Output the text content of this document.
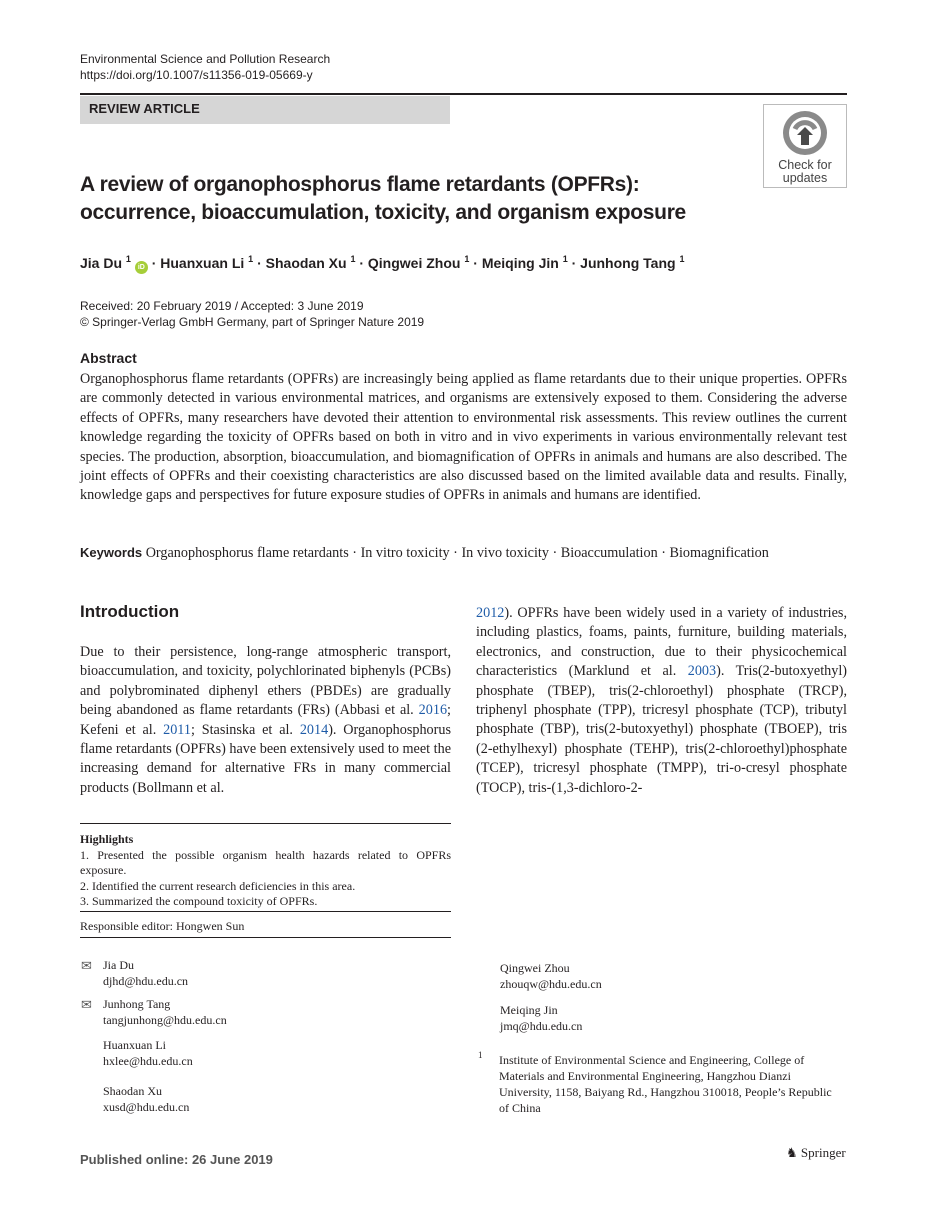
Environmental Science and Pollution Research
https://doi.org/10.1007/s11356-019-05669-y
REVIEW ARTICLE
Check for
updates
A review of organophosphorus flame retardants (OPFRs): occurrence, bioaccumulation, toxicity, and organism exposure
Jia Du $^1$ iD · Huanxuan Li $^1$ · Shaodan Xu $^1$ · Qingwei Zhou $^1$ · Meiqing Jin $^1$ · Junhong Tang $^1$
Received: 20 February 2019 / Accepted: 3 June 2019
© Springer-Verlag GmbH Germany, part of Springer Nature 2019
Abstract
Organophosphorus flame retardants (OPFRs) are increasingly being applied as flame retardants due to their unique properties. OPFRs are commonly detected in various environmental matrices, and organisms are extensively exposed to them. Considering the adverse effects of OPFRs, many researchers have devoted their attention to environmental risk assessments. This review outlines the current knowledge regarding the toxicity of OPFRs based on both in vitro and in vivo experiments in various environmentally relevant test species. The production, absorption, bioaccumulation, and biomagnification of OPFRs in animals and humans are also described. The joint effects of OPFRs and their coexisting characteristics are also discussed based on the limited available data and results. Finally, knowledge gaps and perspectives for future exposure studies of OPFRs in animals and humans are identified.
Keywords Organophosphorus flame retardants · In vitro toxicity · In vivo toxicity · Bioaccumulation · Biomagnification
Introduction
Due to their persistence, long-range atmospheric transport, bioaccumulation, and toxicity, polychlorinated biphenyls (PCBs) and polybrominated diphenyl ethers (PBDEs) are gradually being abandoned as flame retardants (FRs) (Abbasi et al. 2016; Kefeni et al. 2011; Stasinska et al. 2014). Organophosphorus flame retardants (OPFRs) have been extensively used to meet the increasing demand for alternative FRs in many commercial products (Bollmann et al.
2012). OPFRs have been widely used in a variety of industries, including plastics, foams, paints, furniture, building materials, electronics, and construction, due to their physicochemical characteristics (Marklund et al. 2003). Tris(2-butoxyethyl) phosphate (TBEP), tris(2-chloroethyl) phosphate (TRCP), triphenyl phosphate (TPP), tricresyl phosphate (TCP), tributyl phosphate (TBP), tris(2-butoxyethyl) phosphate (TBOEP), tris (2-ethylhexyl) phosphate (TEHP), tris(2-chloroethyl)phosphate (TCEP), tricresyl phosphate (TMPP), tri-o-cresyl phosphate (TOCP), tris-(1,3-dichloro-2-
Highlights
1. Presented the possible organism health hazards related to OPFRs exposure.
2. Identified the current research deficiencies in this area.
3. Summarized the compound toxicity of OPFRs.
Responsible editor: Hongwen Sun
✉ Jia Du
djhd@hdu.edu.cn
✉ Junhong Tang
tangjunhong@hdu.edu.cn
Huanxuan Li
hxlee@hdu.edu.cn
Shaodan Xu
xusd@hdu.edu.cn
Qingwei Zhou
zhouqw@hdu.edu.cn
Meiqing Jin
jmq@hdu.edu.cn
1 Institute of Environmental Science and Engineering, College of Materials and Environmental Engineering, Hangzhou Dianzi University, 1158, Baiyang Rd., Hangzhou 310018, People’s Republic of China
Published online: 26 June 2019	♞ Springer
